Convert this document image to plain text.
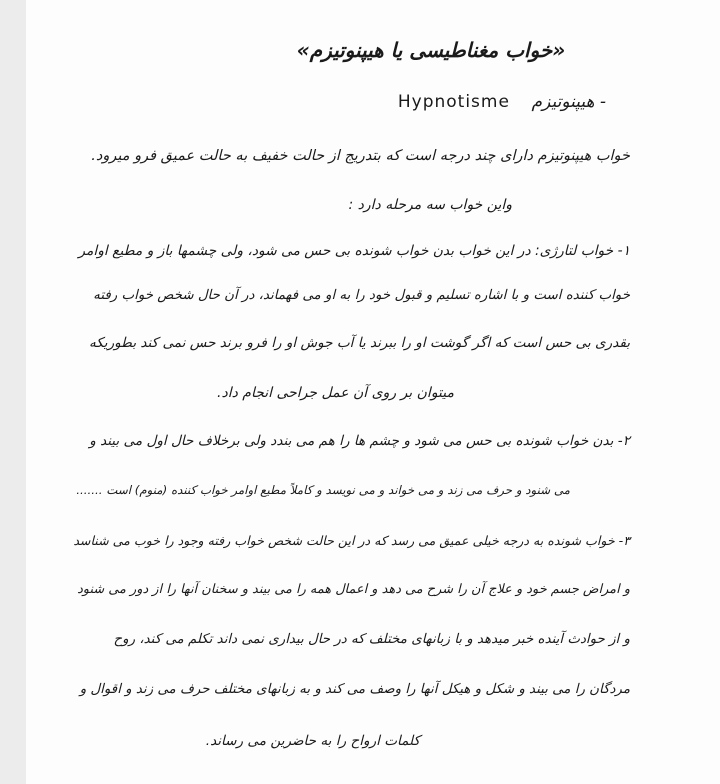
«خواب مغناطیسی یا هیپنوتیزم»
- هیپنوتیزم    Hypnotisme
خواب هیپنوتیزم دارای چند درجه است که بتدریج از حالت خفیف به حالت عمیق فرو میرود.
واین خواب سه مرحله دارد :
۱- خواب لتارژی: در این خواب بدن خواب شونده بی حس می شود، ولی چشمها باز و مطیع اوامر
خواب کننده است و با اشاره تسلیم و قبول خود را به او می فهماند، در آن حال شخص خواب رفته
بقدری بی حس است که اگر گوشت او را ببرند یا آب جوش او را فرو برند حس نمی کند بطوریکه
میتوان بر روی آن عمل جراحی انجام داد.
۲- بدن خواب شونده بی حس می شود و چشم ها را هم می بندد ولی برخلاف حال اول می بیند و
می شنود و حرف می زند و می خواند و می نویسد و کاملاً مطیع اوامر خواب کننده (منوم) است .......
۳- خواب شونده به درجه خیلی عمیق می رسد که در این حالت شخص خواب رفته وجود را خوب می شناسد
و امراض جسم خود و علاج آن را شرح می دهد و اعمال همه را می بیند و سخنان آنها را از دور می شنود
و از حوادث آینده خبر میدهد و با زبانهای مختلف که در حال بیداری نمی داند تکلم می کند، روح
مردگان را می بیند و شکل و هیکل آنها را وصف می کند و به زبانهای مختلف حرف می زند و اقوال و
کلمات ارواح را به حاضرین می رساند.
